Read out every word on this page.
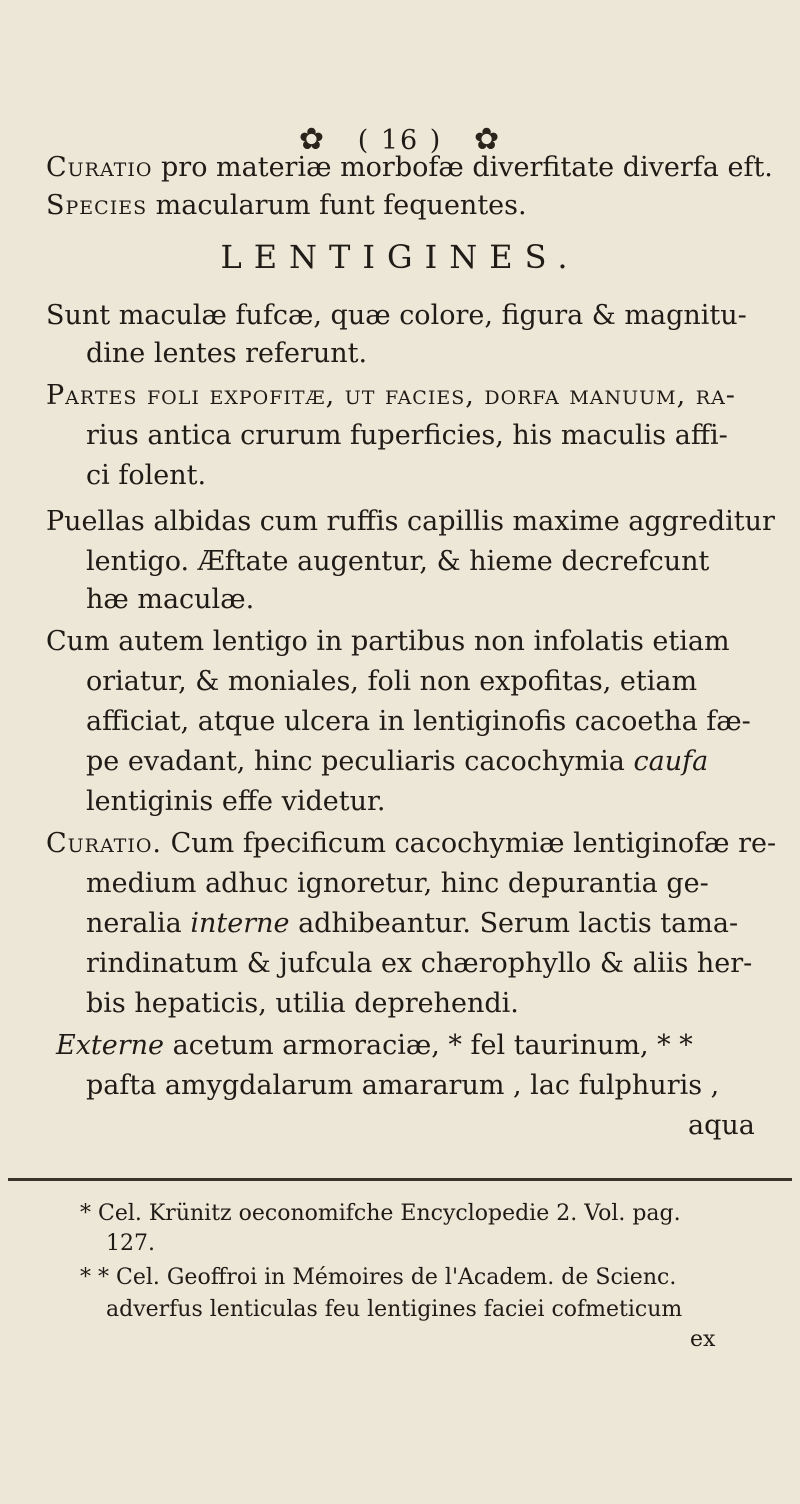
✿ ( 16 ) ✿
Curatio pro materiæ morbofæ diverfitate diverfa eft.
Species macularum funt fequentes.
LENTIGINES.
Sunt maculæ fufcæ, quæ colore, figura & magnitu-
dine lentes referunt.
Partes foli expofitæ, ut facies, dorfa manuum, ra-
rius antica crurum fuperficies, his maculis affi-
ci folent.
Puellas albidas cum ruffis capillis maxime aggreditur
lentigo. Æftate augentur, & hieme decrefcunt
hæ maculæ.
Cum autem lentigo in partibus non infolatis etiam
oriatur, & moniales, foli non expofitas, etiam
afficiat, atque ulcera in lentiginofis cacoetha fæ-
pe evadant, hinc peculiaris cacochymia caufa
lentiginis effe videtur.
Curatio. Cum fpecificum cacochymiæ lentiginofæ re-
medium adhuc ignoretur, hinc depurantia ge-
neralia interne adhibeantur. Serum lactis tama-
rindinatum & jufcula ex chærophyllo & aliis her-
bis hepaticis, utilia deprehendi.
Externe acetum armoraciæ, * fel taurinum, * *
pafta amygdalarum amararum , lac fulphuris ,
aqua
* Cel. Krünitz oeconomifche Encyclopedie 2. Vol. pag.
127.
* * Cel. Geoffroi in Mémoires de l'Academ. de Scienc.
adverfus lenticulas feu lentigines faciei cofmeticum
ex
